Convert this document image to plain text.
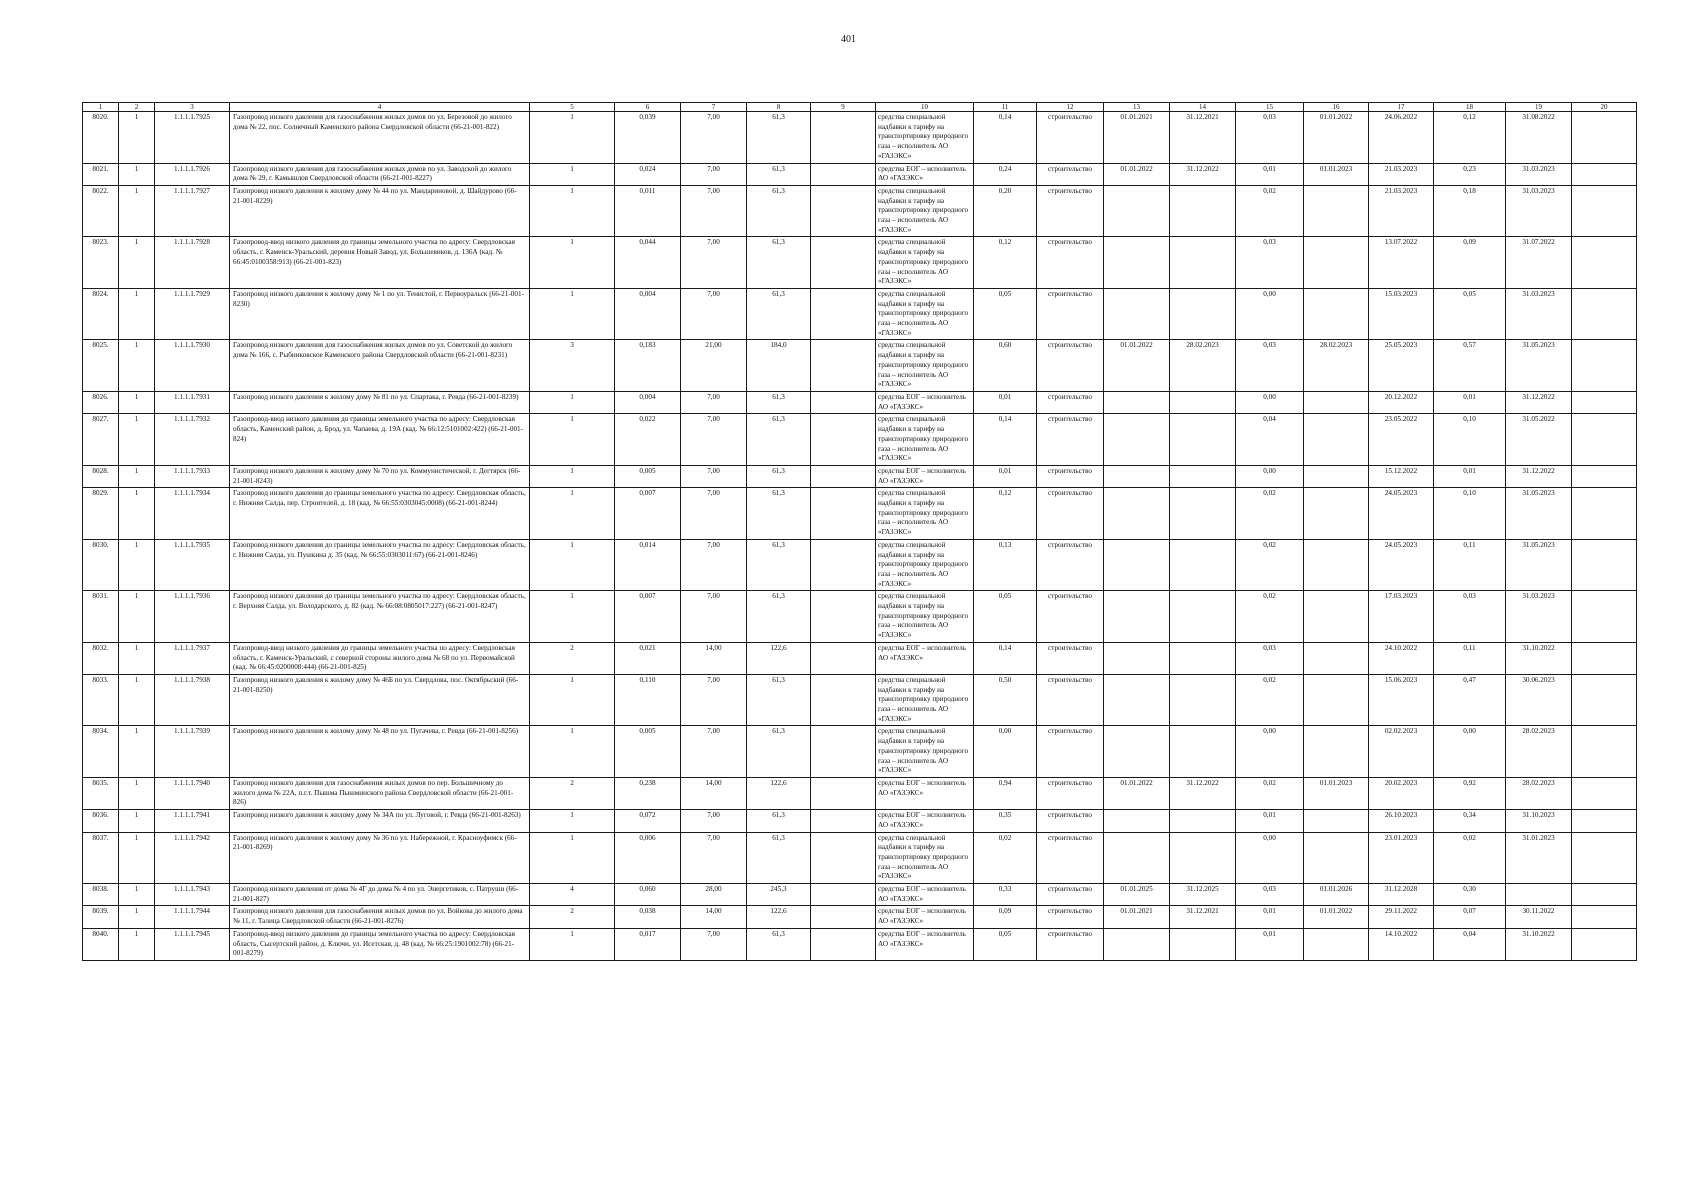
401
1	2	3	4	5	6	7	8	9	10	11	12	13	14	15	16	17	18	19	20
8020.	1	1.1.1.1.7925	Газопровод низкого давления для газоснабжения жилых домов по ул. Березовой до жилого дома № 22, пос. Солнечный Каменского района Свердловской области (66-21-001-822)	1	0,039	7,00	61,3		средства специальной надбавки к тарифу на транспортировку природного газа – исполнитель АО «ГАЗЭКС»	0,14	строительство	01.01.2021	31.12.2021	0,03	01.01.2022	24.06.2022	0,12	31.08.2022	
8021.	1	1.1.1.1.7926	Газопровод низкого давления для газоснабжения жилых домов по ул. Заводской до жилого дома № 29, г. Камышлов Свердловской области (66-21-001-8227)	1	0,024	7,00	61,3		средства ЕОГ – исполнитель АО «ГАЗЭКС»	0,24	строительство	01.01.2022	31.12.2022	0,01	01.01.2023	21.03.2023	0,23	31.03.2023	
8022.	1	1.1.1.1.7927	Газопровод низкого давления к жилому дому № 44 по ул. Мандариновой, д. Шайдурово (66-21-001-8229)	1	0,011	7,00	61,3		средства специальной надбавки к тарифу на транспортировку природного газа – исполнитель АО «ГАЗЭКС»	0,20	строительство			0,02		21.03.2023	0,18	31.03.2023	
8023.	1	1.1.1.1.7928	Газопровод-ввод низкого давления до границы земельного участка по адресу: Свердловская область, г. Каменск-Уральский, деревня Новый Завод, ул. Большевиков, д. 136А (кад. № 66:45:0100358:913) (66-21-001-823)	1	0,044	7,00	61,3		средства специальной надбавки к тарифу на транспортировку природного газа – исполнитель АО «ГАЗЭКС»	0,12	строительство			0,03		13.07.2022	0,09	31.07.2022	
8024.	1	1.1.1.1.7929	Газопровод низкого давления к жилому дому № 1 по ул. Тенистой, г. Первоуральск (66-21-001-8230)	1	0,004	7,00	61,3		средства специальной надбавки к тарифу на транспортировку природного газа – исполнитель АО «ГАЗЭКС»	0,05	строительство			0,00		15.03.2023	0,05	31.03.2023	
8025.	1	1.1.1.1.7930	Газопровод низкого давления для газоснабжения жилых домов по ул. Советской до жилого дома № 166, с. Рыбниковское Каменского района Свердловской области (66-21-001-8231)	3	0,183	21,00	184,0		средства специальной надбавки к тарифу на транспортировку природного газа – исполнитель АО «ГАЗЭКС»	0,60	строительство	01.01.2022	28.02.2023	0,03	28.02.2023	25.05.2023	0,57	31.05.2023	
8026.	1	1.1.1.1.7931	Газопровод низкого давления к жилому дому № 81 по ул. Спартака, г. Ревда (66-21-001-8239)	1	0,004	7,00	61,3		средства ЕОГ – исполнитель АО «ГАЗЭКС»	0,01	строительство			0,00		20.12.2022	0,01	31.12.2022	
8027.	1	1.1.1.1.7932	Газопровод-ввод низкого давления до границы земельного участка по адресу: Свердловская область, Каменский район, д. Брод, ул. Чапаева, д. 19А (кад. № 66:12:5101002:422) (66-21-001-824)	1	0,022	7,00	61,3		средства специальной надбавки к тарифу на транспортировку природного газа – исполнитель АО «ГАЗЭКС»	0,14	строительство			0,04		23.05.2022	0,10	31.05.2022	
8028.	1	1.1.1.1.7933	Газопровод низкого давления к жилому дому № 70 по ул. Коммунистической, г. Дегтярск (66-21-001-8243)	1	0,005	7,00	61,3		средства ЕОГ – исполнитель АО «ГАЗЭКС»	0,01	строительство			0,00		15.12.2022	0,01	31.12.2022	
8029.	1	1.1.1.1.7934	Газопровод низкого давления до границы земельного участка по адресу: Свердловская область, г. Нижняя Салда, пер. Строителей, д. 18 (кад. № 66:55:0303045:0008) (66-21-001-8244)	1	0,007	7,00	61,3		средства специальной надбавки к тарифу на транспортировку природного газа – исполнитель АО «ГАЗЭКС»	0,12	строительство			0,02		24.05.2023	0,10	31.05.2023	
8030.	1	1.1.1.1.7935	Газопровод низкого давления до границы земельного участка по адресу: Свердловская область, г. Нижняя Салда, ул. Пушкина д. 35 (кад. № 66:55:0303011:67) (66-21-001-8246)	1	0,014	7,00	61,3		средства специальной надбавки к тарифу на транспортировку природного газа – исполнитель АО «ГАЗЭКС»	0,13	строительство			0,02		24.05.2023	0,11	31.05.2023	
8031.	1	1.1.1.1.7936	Газопровод низкого давления до границы земельного участка по адресу: Свердловская область, г. Верхняя Салда, ул. Володарского, д. 82 (кад. № 66:08:0805017:227) (66-21-001-8247)	1	0,007	7,00	61,3		средства специальной надбавки к тарифу на транспортировку природного газа – исполнитель АО «ГАЗЭКС»	0,05	строительство			0,02		17.03.2023	0,03	31.03.2023	
8032.	1	1.1.1.1.7937	Газопровод-ввод низкого давления до границы земельного участка по адресу: Свердловская область, г. Каменск-Уральский, с северной стороны жилого дома № 68 по ул. Первомайской (кад. № 66:45:0200008:444) (66-21-001-825)	2	0,021	14,00	122,6		средства ЕОГ – исполнитель АО «ГАЗЭКС»	0,14	строительство			0,03		24.10.2022	0,11	31.10.2022	
8033.	1	1.1.1.1.7938	Газопровод низкого давления к жилому дому № 46Б по ул. Свердлова, пос. Октябрьский (66-21-001-8250)	1	0,110	7,00	61,3		средства специальной надбавки к тарифу на транспортировку природного газа – исполнитель АО «ГАЗЭКС»	0,50	строительство			0,02		15.06.2023	0,47	30.06.2023	
8034.	1	1.1.1.1.7939	Газопровод низкого давления к жилому дому № 48 по ул. Пугачева, г. Ревда (66-21-001-8256)	1	0,005	7,00	61,3		средства специальной надбавки к тарифу на транспортировку природного газа – исполнитель АО «ГАЗЭКС»	0,00	строительство			0,00		02.02.2023	0,00	28.02.2023	
8035.	1	1.1.1.1.7940	Газопровод низкого давления для газоснабжения жилых домов по пер. Большичному до жилого дома № 22А, п.г.т. Пышма Пышминского района Свердловской области (66-21-001-826)	2	0,238	14,00	122,6		средства ЕОГ – исполнитель АО «ГАЗЭКС»	0,94	строительство	01.01.2022	31.12.2022	0,02	01.01.2023	20.02.2023	0,92	28.02.2023	
8036.	1	1.1.1.1.7941	Газопровод низкого давления к жилому дому № 34А по ул. Луговой, г. Ревда (66-21-001-8263)	1	0,072	7,00	61,3		средства ЕОГ – исполнитель АО «ГАЗЭКС»	0,35	строительство			0,01		26.10.2023	0,34	31.10.2023	
8037.	1	1.1.1.1.7942	Газопровод низкого давления к жилому дому № 36 по ул. Набережной, г. Красноуфимск (66-21-001-8269)	1	0,006	7,00	61,3		средства специальной надбавки к тарифу на транспортировку природного газа – исполнитель АО «ГАЗЭКС»	0,02	строительство			0,00		23.01.2023	0,02	31.01.2023	
8038.	1	1.1.1.1.7943	Газопровод низкого давления от дома № 4Г до дома № 4 по ул. Энергетиков, с. Патруши (66-21-001-827)	4	0,060	28,00	245,3		средства ЕОГ – исполнитель АО «ГАЗЭКС»	0,33	строительство	01.01.2025	31.12.2025	0,03	01.01.2026	31.12.2028	0,30		
8039.	1	1.1.1.1.7944	Газопровод низкого давления для газоснабжения жилых домов по ул. Войкова до жилого дома № 11, г. Талица Свердловской области (66-21-001-8276)	2	0,038	14,00	122,6		средства ЕОГ – исполнитель АО «ГАЗЭКС»	0,09	строительство	01.01.2021	31.12.2021	0,01	01.01.2022	29.11.2022	0,07	30.11.2022	
8040.	1	1.1.1.1.7945	Газопровод-ввод низкого давления до границы земельного участка по адресу: Свердловская область, Сысертский район, д. Ключи, ул. Исетская, д. 48 (кад. № 66:25:1901002:78) (66-21-001-8279)	1	0,017	7,00	61,3		средства ЕОГ – исполнитель АО «ГАЗЭКС»	0,05	строительство			0,01		14.10.2022	0,04	31.10.2022	
